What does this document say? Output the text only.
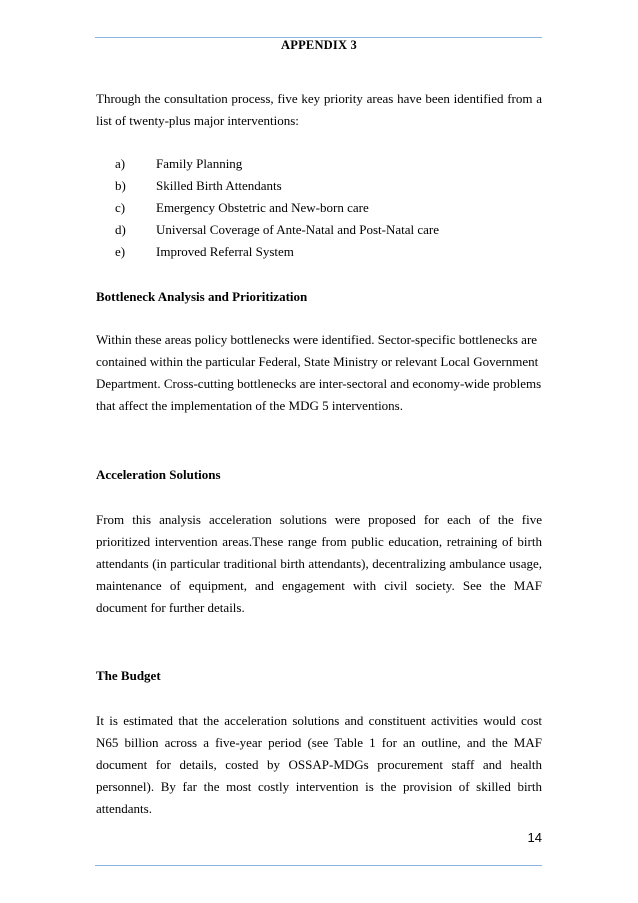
APPENDIX 3
Through the consultation process, five key priority areas have been identified from a list of twenty-plus major interventions:
a)	Family Planning
b)	Skilled Birth Attendants
c)	Emergency Obstetric and New-born care
d)	Universal Coverage of Ante-Natal and Post-Natal care
e)	Improved Referral System
Bottleneck Analysis and Prioritization
Within these areas policy bottlenecks were identified. Sector-specific bottlenecks are
contained within the particular Federal, State Ministry or relevant Local Government
Department. Cross-cutting bottlenecks are inter-sectoral and economy-wide problems
that affect the implementation of the MDG 5 interventions.
Acceleration Solutions
From this analysis acceleration solutions were proposed for each of the five prioritized intervention areas.These range from public education, retraining of birth attendants (in particular traditional birth attendants), decentralizing ambulance usage, maintenance of equipment, and engagement with civil society. See the MAF document for further details.
The Budget
It is estimated that the acceleration solutions and constituent activities would cost N65 billion across a five-year period (see Table 1 for an outline, and the MAF document for details, costed by OSSAP-MDGs procurement staff and health personnel). By far the most costly intervention is the provision of skilled birth attendants.
14
